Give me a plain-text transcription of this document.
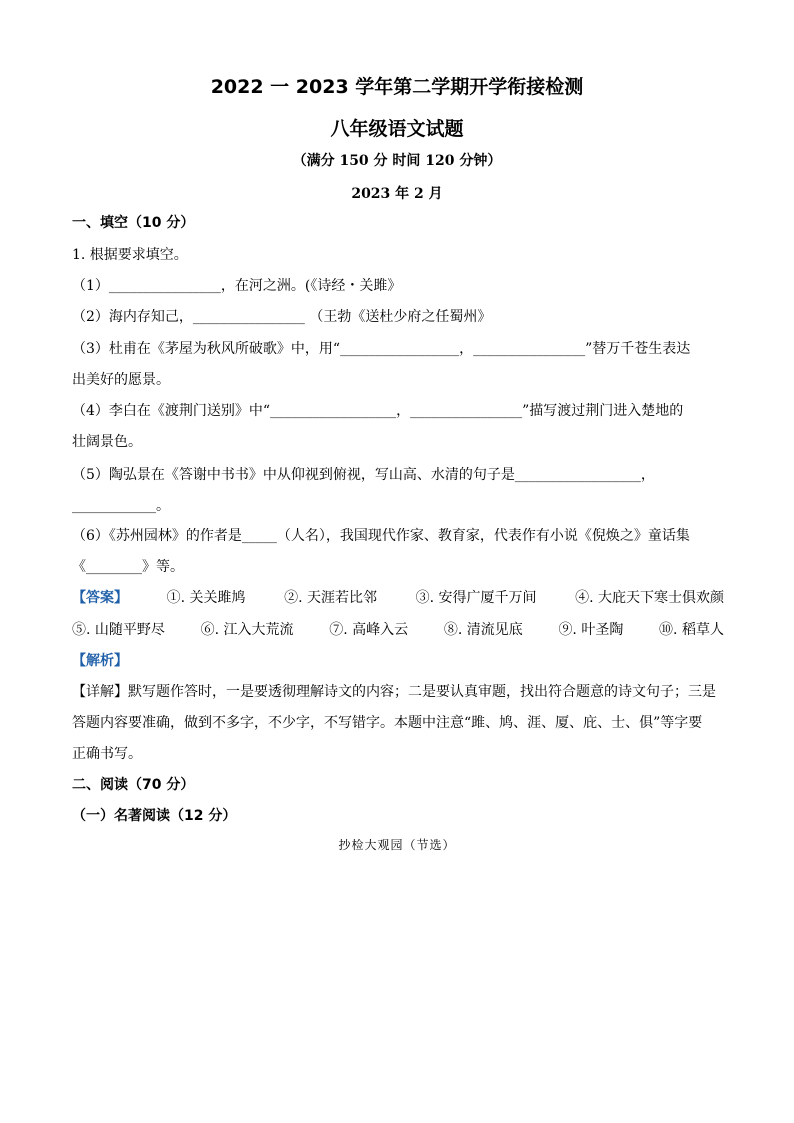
2022 一 2023 学年第二学期开学衔接检测
八年级语文试题
（满分 150 分 时间 120 分钟）
2023 年 2 月
一、填空（10 分）
1. 根据要求填空。
（1）________________，在河之洲。(《诗经・关雎》
（2）海内存知己，________________ （王勃《送杜少府之任蜀州》
（3）杜甫在《茅屋为秋风所破歌》中，用“_________________，________________”替万千苍生表达
出美好的愿景。
（4）李白在《渡荆门送别》中“__________________，________________”描写渡过荆门进入楚地的
壮阔景色。
（5）陶弘景在《答谢中书书》中从仰视到俯视，写山高、水清的句子是__________________，
____________。
（6）《苏州园林》的作者是_____（人名），我国现代作家、教育家，代表作有小说《倪焕之》童话集
《________》等。
【答案】	①. 关关雎鸠	②. 天涯若比邻	③. 安得广厦千万间	④. 大庇天下寒士俱欢颜
⑤. 山随平野尽	⑥. 江入大荒流	⑦. 高峰入云	⑧. 清流见底	⑨. 叶圣陶	⑩. 稻草人
【解析】
【详解】默写题作答时，一是要透彻理解诗文的内容；二是要认真审题，找出符合题意的诗文句子；三是
答题内容要准确，做到不多字，不少字，不写错字。本题中注意“雎、鸠、涯、厦、庇、士、俱”等字要
正确书写。
二、阅读（70 分）
（一）名著阅读（12 分）
抄检大观园（节选）
